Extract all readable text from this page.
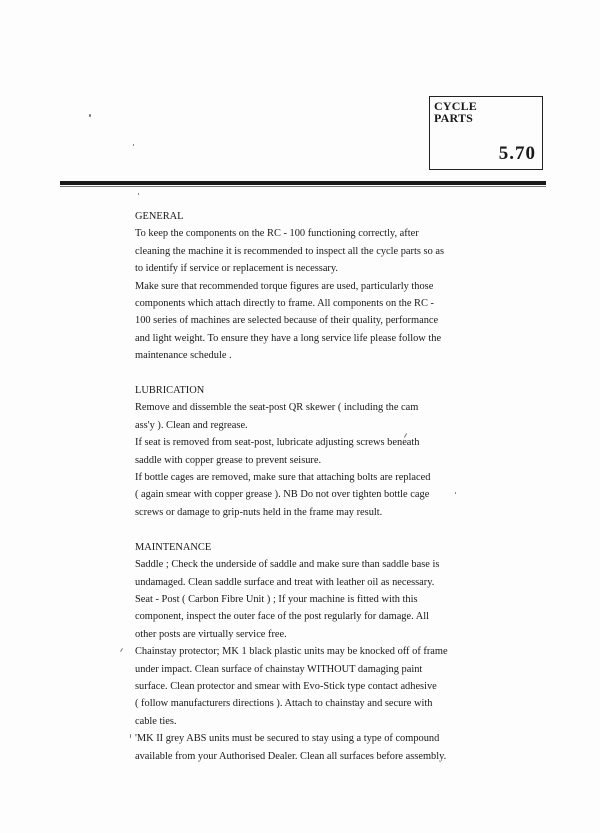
CYCLE
PARTS
5.70
GENERAL
To keep the components on the RC - 100 functioning correctly, after
cleaning the machine it is recommended to inspect all the cycle parts so as
to identify if service or replacement is necessary.
Make sure that recommended torque figures are used, particularly those
components which attach directly to frame. All components on the RC -
100 series of machines are selected because of their quality, performance
and light weight. To ensure they have a long service life please follow the
maintenance schedule .
LUBRICATION
Remove and dissemble the seat-post QR skewer ( including the cam
ass'y ). Clean and regrease.
If seat is removed from seat-post, lubricate adjusting screws beneath
saddle with copper grease to prevent seisure.
If bottle cages are removed, make sure that attaching bolts are replaced
( again smear with copper grease ). NB Do not over tighten bottle cage
screws or damage to grip-nuts held in the frame may result.
MAINTENANCE
Saddle ; Check the underside of saddle and make sure than saddle base is
undamaged. Clean saddle surface and treat with leather oil as necessary.
Seat - Post ( Carbon Fibre Unit ) ; If your machine is fitted with this
component, inspect the outer face of the post regularly for damage. All
other posts are virtually service free.
Chainstay protector; MK 1 black plastic units may be knocked off of frame
under impact. Clean surface of chainstay WITHOUT damaging paint
surface. Clean protector and smear with Evo-Stick type contact adhesive
( follow manufacturers directions ). Attach to chainstay and secure with
cable ties.
'MK II grey ABS units must be secured to stay using a type of compound
available from your Authorised Dealer. Clean all surfaces before assembly.
